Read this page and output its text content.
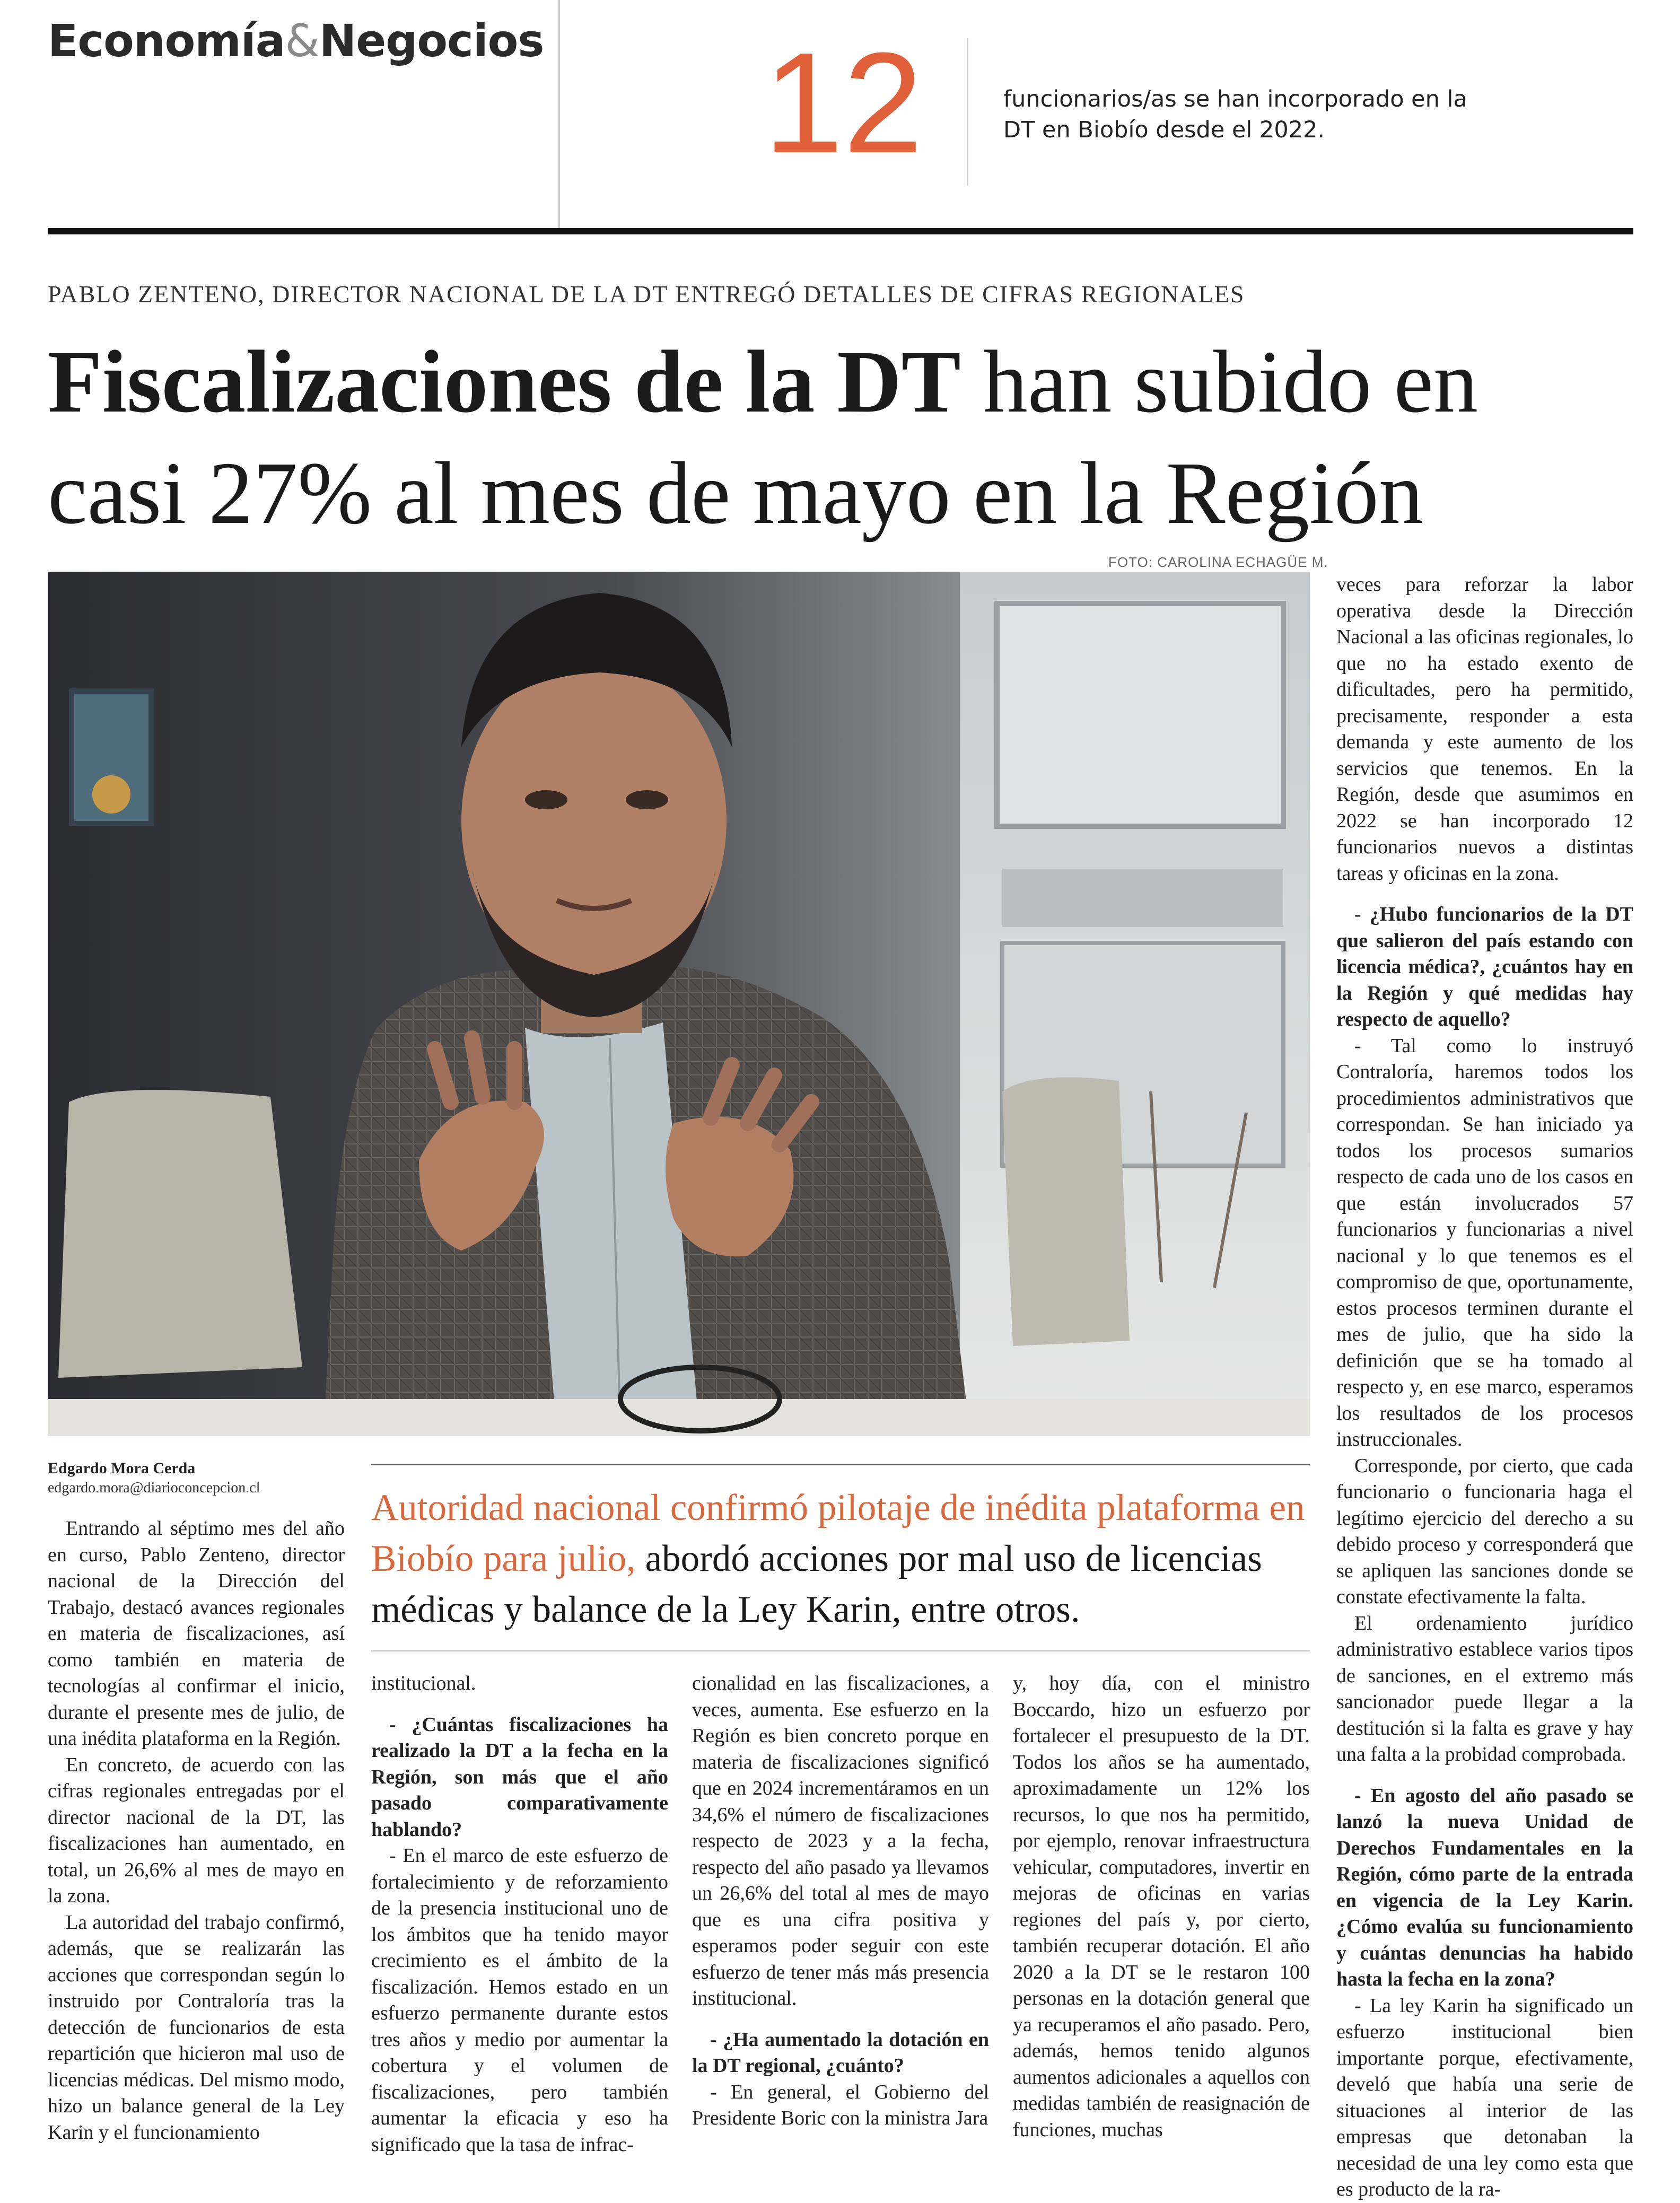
Economía&Negocios 12	funcionarios/as se han incorporado en la DT en Biobío desde el 2022.
PABLO ZENTENO, DIRECTOR NACIONAL DE LA DT ENTREGÓ DETALLES DE CIFRAS REGIONALES
Fiscalizaciones de la DT han subido en casi 27% al mes de mayo en la Región
FOTO: CAROLINA ECHAGÜE M.
Edgardo Mora Cerda
edgardo.mora@diarioconcepcion.cl	Autoridad nacional confirmó pilotaje de inédita plataforma en Biobío para julio, abordó acciones por mal uso de licencias médicas y balance de la Ley Karin, entre otros.

Entrando al séptimo mes del año en curso, Pablo Zenteno, director nacional de la Dirección del Trabajo, destacó avances regionales en materia de fiscalizaciones, así como también en materia de tecnologías al confirmar el inicio, durante el presente mes de julio, de una inédita plataforma en la Región.

En concreto, de acuerdo con las cifras regionales entregadas por el director nacional de la DT, las fiscalizaciones han aumentado, en total, un 26,6% al mes de mayo en la zona.

La autoridad del trabajo confirmó, además, que se realizarán las acciones que correspondan según lo instruido por Contraloría tras la detección de funcionarios de esta repartición que hicieron mal uso de licencias médicas. Del mismo modo, hizo un balance general de la Ley Karin y el funcionamiento

institucional.

- ¿Cuántas fiscalizaciones ha realizado la DT a la fecha en la Región, son más que el año pasado comparativamente hablando?

- En el marco de este esfuerzo de fortalecimiento y de reforzamiento de la presencia institucional uno de los ámbitos que ha tenido mayor crecimiento es el ámbito de la fiscalización. Hemos estado en un esfuerzo permanente durante estos tres años y medio por aumentar la cobertura y el volumen de fiscalizaciones, pero también aumentar la eficacia y eso ha significado que la tasa de infrac-

cionalidad en las fiscalizaciones, a veces, aumenta. Ese esfuerzo en la Región es bien concreto porque en materia de fiscalizaciones significó que en 2024 incrementáramos en un 34,6% el número de fiscalizaciones respecto de 2023 y a la fecha, respecto del año pasado ya llevamos un 26,6% del total al mes de mayo que es una cifra positiva y esperamos poder seguir con este esfuerzo de tener más más presencia institucional.

- ¿Ha aumentado la dotación en la DT regional, ¿cuánto?

- En general, el Gobierno del Presidente Boric con la ministra Jara

y, hoy día, con el ministro Boccardo, hizo un esfuerzo por fortalecer el presupuesto de la DT. Todos los años se ha aumentado, aproximadamente un 12% los recursos, lo que nos ha permitido, por ejemplo, renovar infraestructura vehicular, computadores, invertir en mejoras de oficinas en varias regiones del país y, por cierto, también recuperar dotación. El año 2020 a la DT se le restaron 100 personas en la dotación general que ya recuperamos el año pasado. Pero, además, hemos tenido algunos aumentos adicionales a aquellos con medidas también de reasignación de funciones, muchas

veces para reforzar la labor operativa desde la Dirección Nacional a las oficinas regionales, lo que no ha estado exento de dificultades, pero ha permitido, precisamente, responder a esta demanda y este aumento de los servicios que tenemos. En la Región, desde que asumimos en 2022 se han incorporado 12 funcionarios nuevos a distintas tareas y oficinas en la zona.

- ¿Hubo funcionarios de la DT que salieron del país estando con licencia médica?, ¿cuántos hay en la Región y qué medidas hay respecto de aquello?

- Tal como lo instruyó Contraloría, haremos todos los procedimientos administrativos que correspondan. Se han iniciado ya todos los procesos sumarios respecto de cada uno de los casos en que están involucrados 57 funcionarios y funcionarias a nivel nacional y lo que tenemos es el compromiso de que, oportunamente, estos procesos terminen durante el mes de julio, que ha sido la definición que se ha tomado al respecto y, en ese marco, esperamos los resultados de los procesos instruccionales.

Corresponde, por cierto, que cada funcionario o funcionaria haga el legítimo ejercicio del derecho a su debido proceso y corresponderá que se apliquen las sanciones donde se constate efectivamente la falta.

El ordenamiento jurídico administrativo establece varios tipos de sanciones, en el extremo más sancionador puede llegar a la destitución si la falta es grave y hay una falta a la probidad comprobada.

- En agosto del año pasado se lanzó la nueva Unidad de Derechos Fundamentales en la Región, cómo parte de la entrada en vigencia de la Ley Karin. ¿Cómo evalúa su funcionamiento y cuántas denuncias ha habido hasta la fecha en la zona?

- La ley Karin ha significado un esfuerzo institucional bien importante porque, efectivamente, develó que había una serie de situaciones al interior de las empresas que detonaban la necesidad de una ley como esta que es producto de la ra-
